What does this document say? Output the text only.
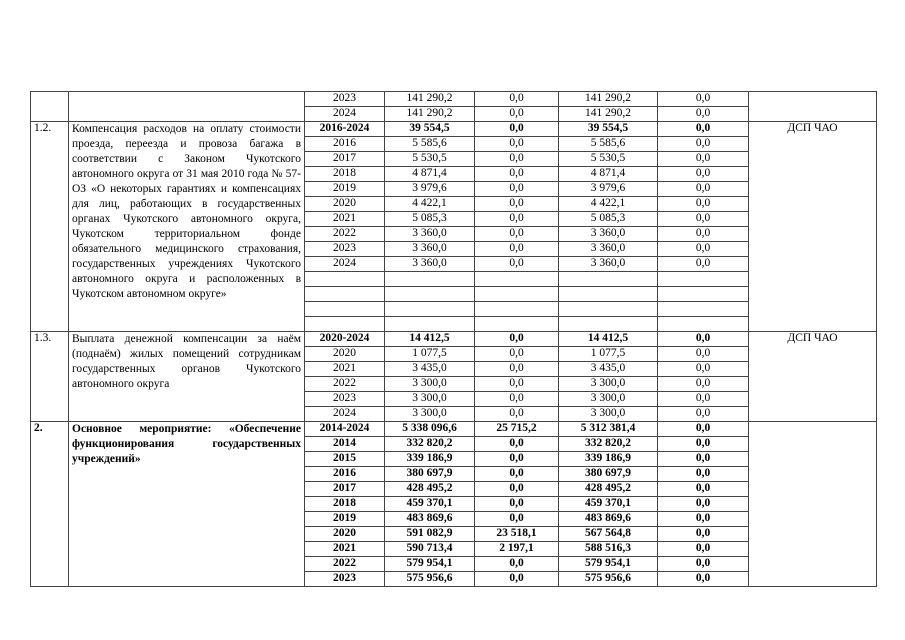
		2023	141 290,2	0,0	141 290,2	0,0	
		2024	141 290,2	0,0	141 290,2	0,0	
1.2.	Компенсация расходов на оплату стоимости проезда, переезда и провоза багажа в соответствии с Законом Чукотского автономного округа от 31 мая 2010 года № 57-ОЗ «О некоторых гарантиях и компенсациях для лиц, работающих в государственных органах Чукотского автономного округа, Чукотском территориальном фонде обязательного медицинского страхования, государственных учреждениях Чукотского автономного округа и расположенных в Чукотском автономном округе»	2016-2024	39 554,5	0,0	39 554,5	0,0	ДСП ЧАО
		2016	5 585,6	0,0	5 585,6	0,0	
		2017	5 530,5	0,0	5 530,5	0,0	
		2018	4 871,4	0,0	4 871,4	0,0	
		2019	3 979,6	0,0	3 979,6	0,0	
		2020	4 422,1	0,0	4 422,1	0,0	
		2021	5 085,3	0,0	5 085,3	0,0	
		2022	3 360,0	0,0	3 360,0	0,0	
		2023	3 360,0	0,0	3 360,0	0,0	
		2024	3 360,0	0,0	3 360,0	0,0	

1.3.	Выплата денежной компенсации за наём (поднаём) жилых помещений сотрудникам государственных органов Чукотского автономного округа	2020-2024	14 412,5	0,0	14 412,5	0,0	ДСП ЧАО
		2020	1 077,5	0,0	1 077,5	0,0	
		2021	3 435,0	0,0	3 435,0	0,0	
		2022	3 300,0	0,0	3 300,0	0,0	
		2023	3 300,0	0,0	3 300,0	0,0	
		2024	3 300,0	0,0	3 300,0	0,0	
2.	Основное мероприятие: «Обеспечение функционирования государственных учреждений»	2014-2024	5 338 096,6	25 715,2	5 312 381,4	0,0	
		2014	332 820,2	0,0	332 820,2	0,0	
		2015	339 186,9	0,0	339 186,9	0,0	
		2016	380 697,9	0,0	380 697,9	0,0	
		2017	428 495,2	0,0	428 495,2	0,0	
		2018	459 370,1	0,0	459 370,1	0,0	
		2019	483 869,6	0,0	483 869,6	0,0	
		2020	591 082,9	23 518,1	567 564,8	0,0	
		2021	590 713,4	2 197,1	588 516,3	0,0	
		2022	579 954,1	0,0	579 954,1	0,0	
		2023	575 956,6	0,0	575 956,6	0,0	
